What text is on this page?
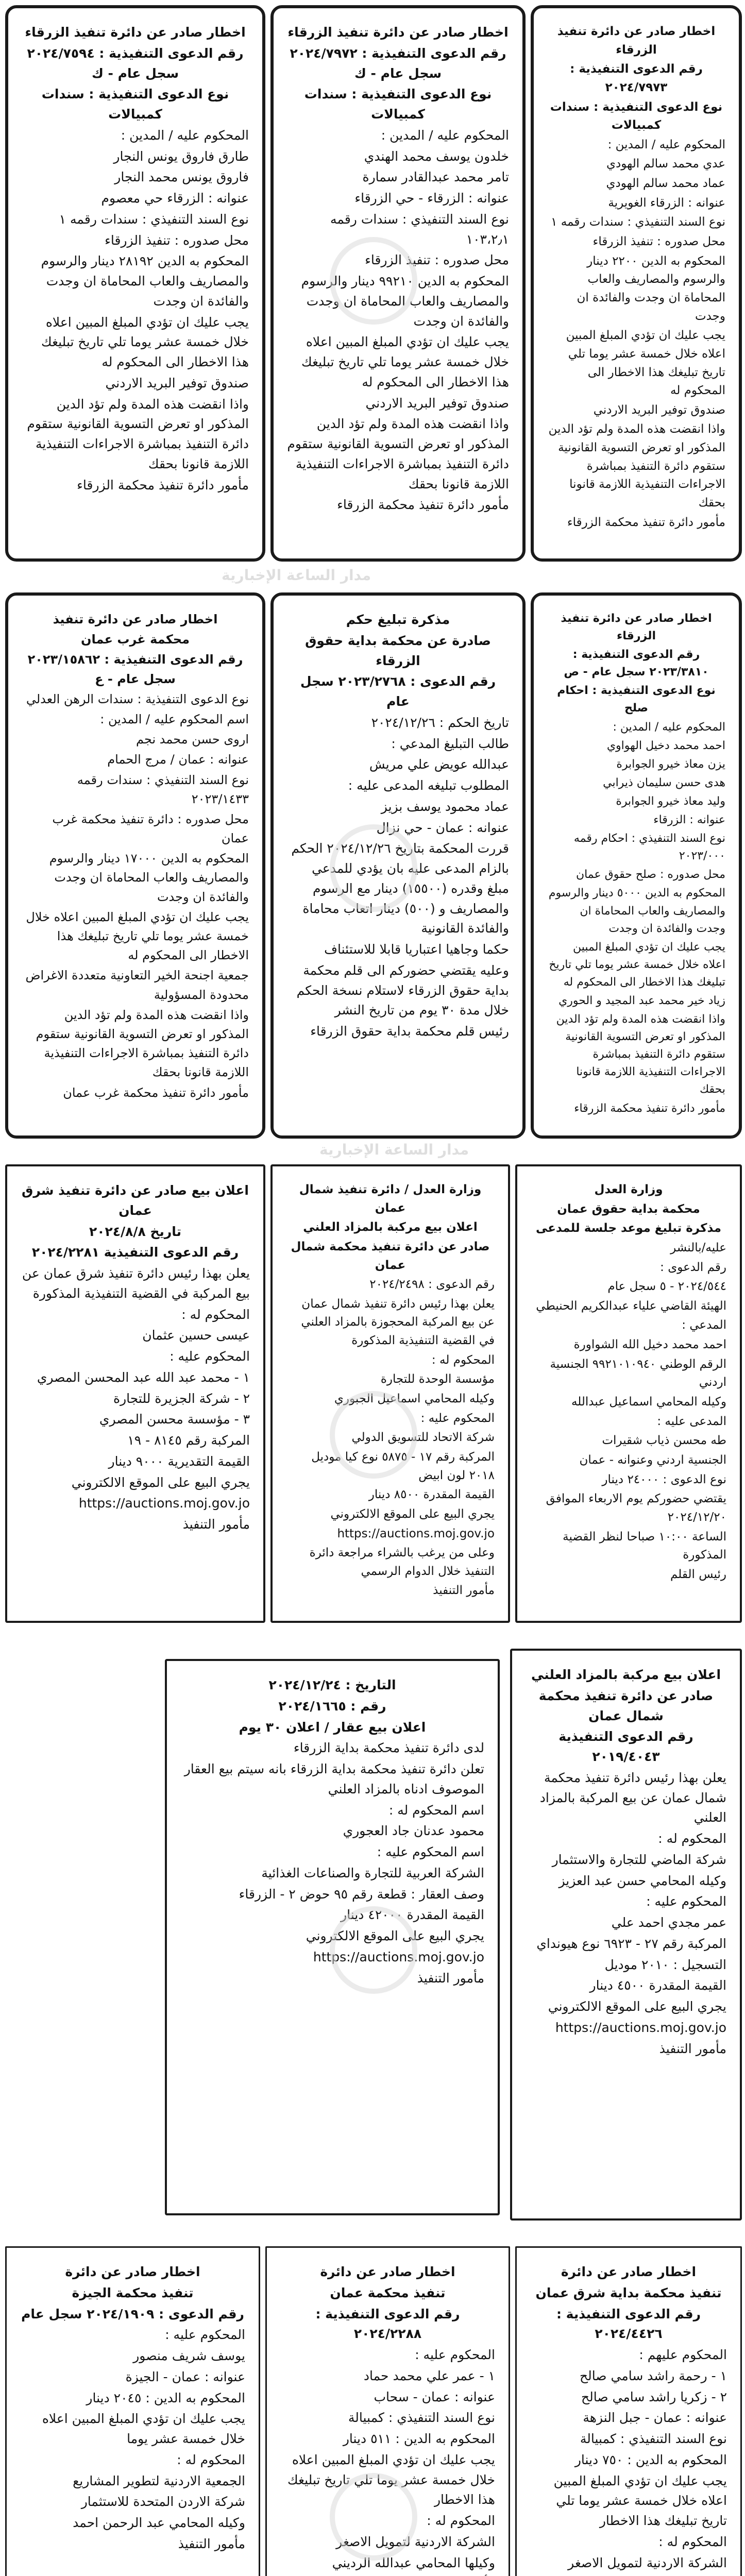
اخطار صادر عن دائرة تنفيذ الزرقاء
رقم الدعوى التنفيذية : ٢٠٢٤/٧٩٧٣
نوع الدعوى التنفيذية : سندات كمبيالات
المحكوم عليه / المدين :
عدي محمد سالم الهودي
عماد محمد سالم الهودي
عنوانه : الزرقاء الغويرية
نوع السند التنفيذي : سندات رقمه ١
محل صدوره : تنفيذ الزرقاء
المحكوم به الدين ٢٢٠٠ دينار والرسوم والمصاريف والعاب المحاماة ان وجدت والفائدة ان وجدت
يجب عليك ان تؤدي المبلغ المبين اعلاه خلال خمسة عشر يوما تلي تاريخ تبليغك هذا الاخطار الى المحكوم له
صندوق توفير البريد الاردني
واذا انقضت هذه المدة ولم تؤد الدين المذكور او تعرض التسوية القانونية ستقوم دائرة التنفيذ بمباشرة الاجراءات التنفيذية اللازمة قانونا بحقك
مأمور دائرة تنفيذ محكمة الزرقاء
اخطار صادر عن دائرة تنفيذ الزرقاء
رقم الدعوى التنفيذية : ٢٠٢٤/٧٩٧٢ سجل عام - ك
نوع الدعوى التنفيذية : سندات كمبيالات
المحكوم عليه / المدين :
خلدون يوسف محمد الهندي
تامر محمد عبدالقادر سمارة
عنوانه : الزرقاء - حي الزرقاء
نوع السند التنفيذي : سندات رقمه ١٠٣،٢٫١
محل صدوره : تنفيذ الزرقاء
المحكوم به الدين ٩٩٢١٠ دينار والرسوم والمصاريف والعاب المحاماة ان وجدت والفائدة ان وجدت
يجب عليك ان تؤدي المبلغ المبين اعلاه خلال خمسة عشر يوما تلي تاريخ تبليغك هذا الاخطار الى المحكوم له
صندوق توفير البريد الاردني
واذا انقضت هذه المدة ولم تؤد الدين المذكور او تعرض التسوية القانونية ستقوم دائرة التنفيذ بمباشرة الاجراءات التنفيذية اللازمة قانونا بحقك
مأمور دائرة تنفيذ محكمة الزرقاء
اخطار صادر عن دائرة تنفيذ الزرقاء
رقم الدعوى التنفيذية : ٢٠٢٤/٧٥٩٤ سجل عام - ك
نوع الدعوى التنفيذية : سندات كمبيالات
المحكوم عليه / المدين :
طارق فاروق يونس النجار
فاروق يونس محمد النجار
عنوانه : الزرقاء حي معصوم
نوع السند التنفيذي : سندات رقمه ١
محل صدوره : تنفيذ الزرقاء
المحكوم به الدين ٢٨١٩٢ دينار والرسوم والمصاريف والعاب المحاماة ان وجدت والفائدة ان وجدت
يجب عليك ان تؤدي المبلغ المبين اعلاه خلال خمسة عشر يوما تلي تاريخ تبليغك هذا الاخطار الى المحكوم له
صندوق توفير البريد الاردني
واذا انقضت هذه المدة ولم تؤد الدين المذكور او تعرض التسوية القانونية ستقوم دائرة التنفيذ بمباشرة الاجراءات التنفيذية اللازمة قانونا بحقك
مأمور دائرة تنفيذ محكمة الزرقاء
اخطار صادر عن دائرة تنفيذ الزرقاء
رقم الدعوى التنفيذية : ٢٠٢٣/٣٨١٠ سجل عام - ص
نوع الدعوى التنفيذية : احكام صلح
المحكوم عليه / المدين :
احمد محمد دخيل الهواوي
يزن معاذ خيرو الجوابرة
هدى حسن سليمان ذيرابي
وليد معاذ خيرو الجوابرة
عنوانه : الزرقاء
نوع السند التنفيذي : احكام رقمه ٢٠٢٣/٠٠٠
محل صدوره : صلح حقوق عمان
المحكوم به الدين ٥٠٠٠ دينار والرسوم والمصاريف والعاب المحاماة ان وجدت والفائدة ان وجدت
يجب عليك ان تؤدي المبلغ المبين اعلاه خلال خمسة عشر يوما تلي تاريخ تبليغك هذا الاخطار الى المحكوم له
زياد خير محمد عبد المجيد و الحوري
واذا انقضت هذه المدة ولم تؤد الدين المذكور او تعرض التسوية القانونية ستقوم دائرة التنفيذ بمباشرة الاجراءات التنفيذية اللازمة قانونا بحقك
مأمور دائرة تنفيذ محكمة الزرقاء
مذكرة تبليغ حكم
صادرة عن محكمة بداية حقوق الزرقاء
رقم الدعوى : ٢٠٢٣/٢٧٦٨ سجل عام
تاريخ الحكم : ٢٠٢٤/١٢/٢٦
طالب التبليغ المدعي :
عبدالله عويض علي مريش
المطلوب تبليغه المدعى عليه :
عماد محمود يوسف بزيز
عنوانه : عمان - حي نزال
قررت المحكمة بتاريخ ٢٠٢٤/١٢/٢٦ الحكم بالزام المدعى عليه بان يؤدي للمدعي مبلغ وقدره (١٥٥٠٠) دينار مع الرسوم والمصاريف و (٥٠٠) دينار اتعاب محاماة والفائدة القانونية
حكما وجاهيا اعتباريا قابلا للاستئناف
وعليه يقتضي حضوركم الى قلم محكمة بداية حقوق الزرقاء لاستلام نسخة الحكم خلال مدة ٣٠ يوم من تاريخ النشر
رئيس قلم محكمة بداية حقوق الزرقاء
اخطار صادر عن دائرة تنفيذ
محكمة غرب عمان
رقم الدعوى التنفيذية : ٢٠٢٣/١٥٨٦٢ سجل عام - ع
نوع الدعوى التنفيذية : سندات الرهن العدلي
اسم المحكوم عليه / المدين :
اروى حسن محمد نجم
عنوانه : عمان / مرج الحمام
نوع السند التنفيذي : سندات رقمه ٢٠٢٣/١٤٣٣
محل صدوره : دائرة تنفيذ محكمة غرب عمان
المحكوم به الدين ١٧٠٠٠ دينار والرسوم والمصاريف والعاب المحاماة ان وجدت والفائدة ان وجدت
يجب عليك ان تؤدي المبلغ المبين اعلاه خلال خمسة عشر يوما تلي تاريخ تبليغك هذا الاخطار الى المحكوم له
جمعية اجنحة الخير التعاونية متعددة الاغراض محدودة المسؤولية
واذا انقضت هذه المدة ولم تؤد الدين المذكور او تعرض التسوية القانونية ستقوم دائرة التنفيذ بمباشرة الاجراءات التنفيذية اللازمة قانونا بحقك
مأمور دائرة تنفيذ محكمة غرب عمان
وزارة العدل
محكمة بداية حقوق عمان
مذكرة تبليغ موعد جلسة للمدعى
عليه/بالنشر
رقم الدعوى :
٢٠٢٤/٥٤٤ - ٥ سجل عام
الهيئة القاضي علياء عبدالكريم الحنيطي
المدعي :
احمد محمد دخيل الله الشواورة
الرقم الوطني ٩٩٢١٠١٠٩٤٠ الجنسية اردني
وكيله المحامي اسماعيل عبدالله
المدعى عليه :
طه محسن ذياب شقيرات
الجنسية اردني وعنوانه - عمان
نوع الدعوى : ٢٤٠٠٠ دينار
يقتضي حضوركم يوم الاربعاء الموافق ٢٠٢٤/١٢/٢٠
الساعة ١٠:٠٠ صباحا لنظر القضية المذكورة
رئيس القلم
وزارة العدل / دائرة تنفيذ شمال عمان
اعلان بيع مركبة بالمزاد العلني
صادر عن دائرة تنفيذ محكمة شمال عمان
رقم الدعوى : ٢٠٢٤/٢٤٩٨
يعلن بهذا رئيس دائرة تنفيذ شمال عمان عن بيع المركبة المحجوزة بالمزاد العلني في القضية التنفيذية المذكورة
المحكوم له :
مؤسسة الوحدة للتجارة
وكيله المحامي اسماعيل الجبوري
المحكوم عليه :
شركة الاتحاد للتسويق الدولي
المركبة رقم ١٧ - ٥٨٧٥ نوع كيا موديل ٢٠١٨ لون ابيض
القيمة المقدرة ٨٥٠٠ دينار
يجري البيع على الموقع الالكتروني
https://auctions.moj.gov.jo
وعلى من يرغب بالشراء مراجعة دائرة التنفيذ خلال الدوام الرسمي
مأمور التنفيذ
اعلان بيع صادر عن دائرة تنفيذ شرق عمان
تاريخ ٢٠٢٤/٨/٨
رقم الدعوى التنفيذية ٢٠٢٤/٢٢٨١
يعلن بهذا رئيس دائرة تنفيذ شرق عمان عن بيع المركبة في القضية التنفيذية المذكورة
المحكوم له :
عيسى حسين عثمان
المحكوم عليه :
١ - محمد عبد الله عبد المحسن المصري
٢ - شركة الجزيرة للتجارة
٣ - مؤسسة محسن المصري
المركبة رقم ٨١٤٥ - ١٩
القيمة التقديرية ٩٠٠٠ دينار
يجري البيع على الموقع الالكتروني
https://auctions.moj.gov.jo
مأمور التنفيذ
اعلان بيع مركبة بالمزاد العلني
صادر عن دائرة تنفيذ محكمة شمال عمان
رقم الدعوى التنفيذية ٢٠١٩/٤٠٤٣
يعلن بهذا رئيس دائرة تنفيذ محكمة شمال عمان عن بيع المركبة بالمزاد العلني
المحكوم له :
شركة الماضي للتجارة والاستثمار
وكيله المحامي حسن عبد العزيز
المحكوم عليه :
عمر مجدي احمد علي
المركبة رقم ٢٧ - ٦٩٢٣ نوع هيونداي
التسجيل : ٢٠١٠ موديل
القيمة المقدرة ٤٥٠٠ دينار
يجري البيع على الموقع الالكتروني
https://auctions.moj.gov.jo
مأمور التنفيذ
التاريخ : ٢٠٢٤/١٢/٢٤
رقم : ٢٠٢٤/١٦٦٥
اعلان بيع عقار / اعلان ٣٠ يوم
لدى دائرة تنفيذ محكمة بداية الزرقاء
تعلن دائرة تنفيذ محكمة بداية الزرقاء بانه سيتم بيع العقار الموصوف ادناه بالمزاد العلني
اسم المحكوم له :
محمود عدنان جاد العجوري
اسم المحكوم عليه :
الشركة العربية للتجارة والصناعات الغذائية
وصف العقار : قطعة رقم ٩٥ حوض ٢ - الزرقاء
القيمة المقدرة ٤٢٠٠٠ دينار
يجري البيع على الموقع الالكتروني
https://auctions.moj.gov.jo
مأمور التنفيذ
اخطار صادر عن دائرة
تنفيذ محكمة بداية شرق عمان
رقم الدعوى التنفيذية : ٢٠٢٤/٤٤٢٦
المحكوم عليهم :
١ - رحمة راشد سامي صالح
٢ - زكريا راشد سامي صالح
عنوانه : عمان - جبل النزهة
نوع السند التنفيذي : كمبيالة
المحكوم به الدين : ٧٥٠ دينار
يجب عليك ان تؤدي المبلغ المبين اعلاه خلال خمسة عشر يوما تلي تاريخ تبليغك هذا الاخطار
المحكوم له :
الشركة الاردنية لتمويل الاصغر
اخطار صادر عن دائرة
تنفيذ محكمة عمان
رقم الدعوى التنفيذية : ٢٠٢٤/٢٢٨٨
المحكوم عليه :
١ - عمر علي محمد حماد
عنوانه : عمان - سحاب
نوع السند التنفيذي : كمبيالة
المحكوم به الدين : ٥١١ دينار
يجب عليك ان تؤدي المبلغ المبين اعلاه خلال خمسة عشر يوما تلي تاريخ تبليغك هذا الاخطار
المحكوم له :
الشركة الاردنية لتمويل الاصغر
وكيلها المحامي عبدالله الرديني
اخطار صادر عن دائرة
تنفيذ محكمة الجيزة
رقم الدعوى : ٢٠٢٤/١٩٠٩ سجل عام
المحكوم عليه :
يوسف شريف منصور
عنوانه : عمان - الجيزة
المحكوم به الدين : ٢٠٤٥ دينار
يجب عليك ان تؤدي المبلغ المبين اعلاه خلال خمسة عشر يوما
المحكوم له :
الجمعية الاردنية لتطوير المشاريع
شركة الاردن المتحدة للاستثمار
وكيله المحامي عبد الرحمن احمد
مأمور التنفيذ
مدار الساعة الإخبارية
مدار الساعة الإخبارية
